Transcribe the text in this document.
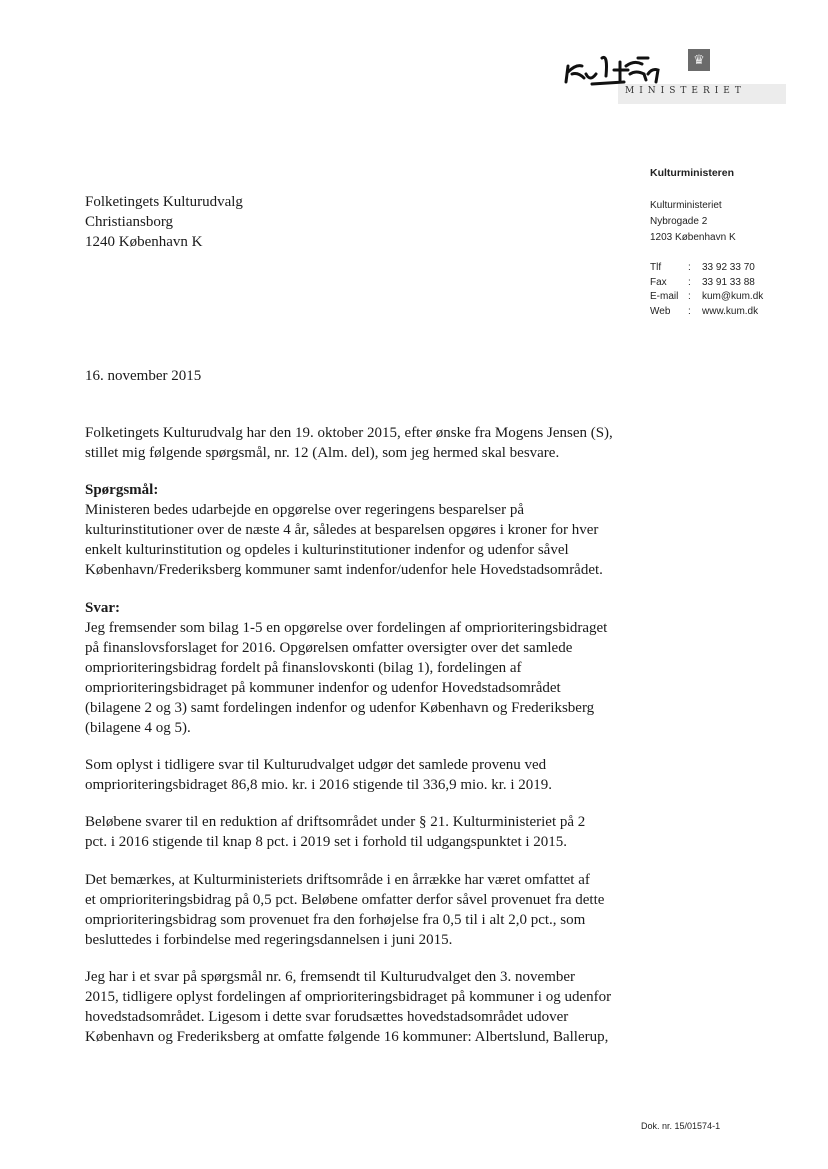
♛
MINISTERIET
Kulturministeren
Kulturministeriet
Nybrogade 2
1203 København K
Tlf	:	33 92 33 70
Fax	:	33 91 33 88
E-mail :	kum@kum.dk
Web	:	www.kum.dk
Folketingets Kulturudvalg
Christiansborg
1240 København K
16. november 2015
Folketingets Kulturudvalg har den 19. oktober 2015, efter ønske fra Mogens Jensen (S),
stillet mig følgende spørgsmål, nr. 12 (Alm. del), som jeg hermed skal besvare.
Spørgsmål:
Ministeren bedes udarbejde en opgørelse over regeringens besparelser på
kulturinstitutioner over de næste 4 år, således at besparelsen opgøres i kroner for hver
enkelt kulturinstitution og opdeles i kulturinstitutioner indenfor og udenfor såvel
København/Frederiksberg kommuner samt indenfor/udenfor hele Hovedstadsområdet.
Svar:
Jeg fremsender som bilag 1-5 en opgørelse over fordelingen af omprioriteringsbidraget
på finanslovsforslaget for 2016. Opgørelsen omfatter oversigter over det samlede
omprioriteringsbidrag fordelt på finanslovskonti (bilag 1), fordelingen af
omprioriteringsbidraget på kommuner indenfor og udenfor Hovedstadsområdet
(bilagene 2 og 3) samt fordelingen indenfor og udenfor København og Frederiksberg
(bilagene 4 og 5).
Som oplyst i tidligere svar til Kulturudvalget udgør det samlede provenu ved
omprioriteringsbidraget 86,8 mio. kr. i 2016 stigende til 336,9 mio. kr. i 2019.
Beløbene svarer til en reduktion af driftsområdet under § 21. Kulturministeriet på 2
pct. i 2016 stigende til knap 8 pct. i 2019 set i forhold til udgangspunktet i 2015.
Det bemærkes, at Kulturministeriets driftsområde i en årrække har været omfattet af
et omprioriteringsbidrag på 0,5 pct. Beløbene omfatter derfor såvel provenuet fra dette
omprioriteringsbidrag som provenuet fra den forhøjelse fra 0,5 til i alt 2,0 pct., som
besluttedes i forbindelse med regeringsdannelsen i juni 2015.
Jeg har i et svar på spørgsmål nr. 6, fremsendt til Kulturudvalget den 3. november
2015, tidligere oplyst fordelingen af omprioriteringsbidraget på kommuner i og udenfor
hovedstadsområdet. Ligesom i dette svar forudsættes hovedstadsområdet udover
København og Frederiksberg at omfatte følgende 16 kommuner: Albertslund, Ballerup,
Dok. nr. 15/01574-1
